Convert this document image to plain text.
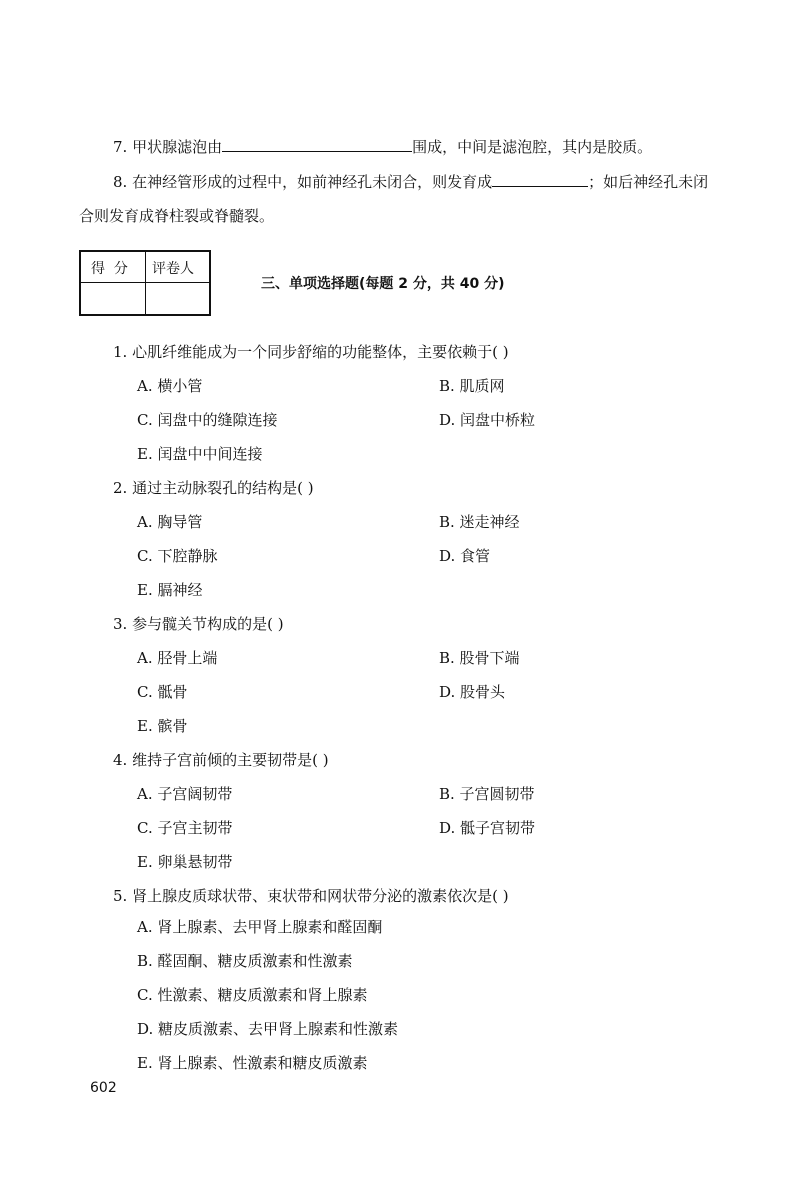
7. 甲状腺滤泡由	围成，中间是滤泡腔，其内是胶质。
8. 在神经管形成的过程中，如前神经孔未闭合，则发育成	；如后神经孔未闭
合则发育成脊柱裂或脊髓裂。
得  分 评卷人
三、单项选择题(每题 2 分，共 40 分)
1. 心肌纤维能成为一个同步舒缩的功能整体，主要依赖于( )
A. 横小管	B. 肌质网
C. 闰盘中的缝隙连接	D. 闰盘中桥粒
E. 闰盘中中间连接
2. 通过主动脉裂孔的结构是( )
A. 胸导管	B. 迷走神经
C. 下腔静脉	D. 食管
E. 膈神经
3. 参与髋关节构成的是( )
A. 胫骨上端	B. 股骨下端
C. 骶骨	D. 股骨头
E. 髌骨
4. 维持子宫前倾的主要韧带是( )
A. 子宫阔韧带	B. 子宫圆韧带
C. 子宫主韧带	D. 骶子宫韧带
E. 卵巢悬韧带
5. 肾上腺皮质球状带、束状带和网状带分泌的激素依次是( )
A. 肾上腺素、去甲肾上腺素和醛固酮
B. 醛固酮、糖皮质激素和性激素
C. 性激素、糖皮质激素和肾上腺素
D. 糖皮质激素、去甲肾上腺素和性激素
E. 肾上腺素、性激素和糖皮质激素
602
